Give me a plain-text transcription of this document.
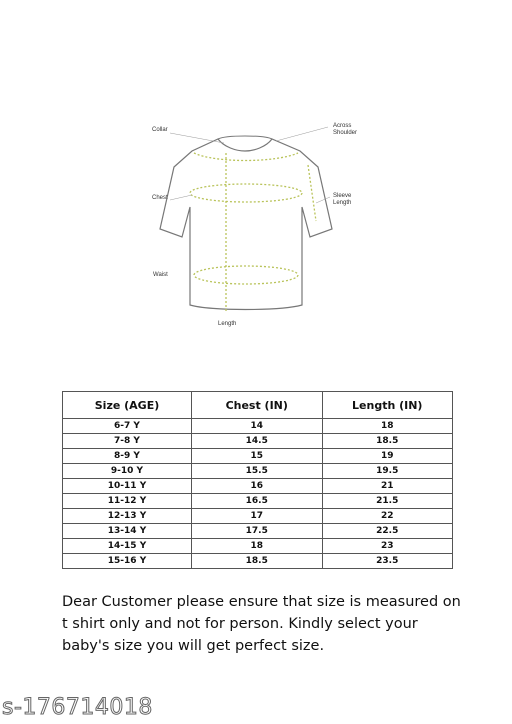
Collar
Across Shoulder
Chest	Sleeve Length
Waist
Length
Size (AGE)	Chest (IN)	Length (IN)
6-7 Y	14	18
7-8 Y	14.5	18.5
8-9 Y	15	19
9-10 Y	15.5	19.5
10-11 Y	16	21
11-12 Y	16.5	21.5
12-13 Y	17	22
13-14 Y	17.5	22.5
14-15 Y	18	23
15-16 Y	18.5	23.5
Dear Customer please ensure that size is measured on t shirt only and not for person. Kindly select your baby's size you will get perfect size.
s-176714018
